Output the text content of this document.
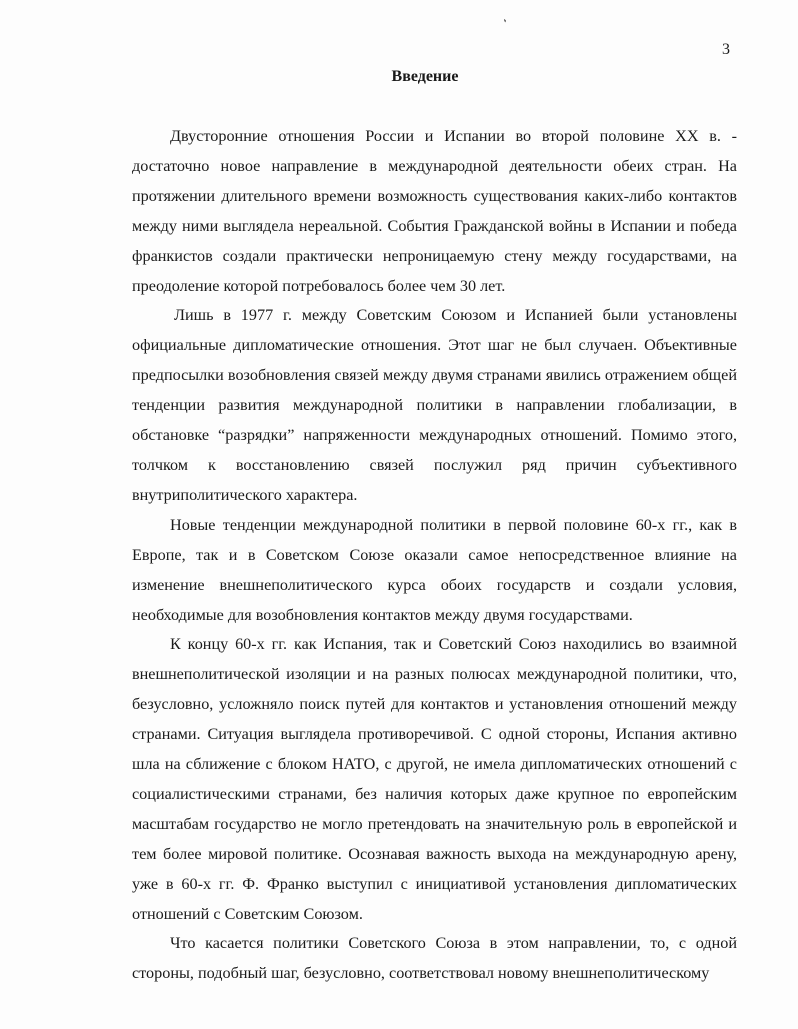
ˎ
3
Введение

Двусторонние отношения России и Испании во второй половине XX в. - достаточно новое направление в международной деятельности обеих стран. На протяжении длительного времени возможность существования каких-либо контактов между ними выглядела нереальной. События Гражданской войны в Испании и победа франкистов создали практически непроницаемую стену между государствами, на преодоление которой потребовалось более чем 30 лет.

Лишь в 1977 г. между Советским Союзом и Испанией были установлены официальные дипломатические отношения. Этот шаг не был случаен. Объективные предпосылки возобновления связей между двумя странами явились отражением общей тенденции развития международной политики в направлении глобализации, в обстановке “разрядки” напряженности международных отношений. Помимо этого, толчком к восстановлению связей послужил ряд причин субъективного внутриполитического характера.

Новые тенденции международной политики в первой половине 60-х гг., как в Европе, так и в Советском Союзе оказали самое непосредственное влияние на изменение внешнеполитического курса обоих государств и создали условия, необходимые для возобновления контактов между двумя государствами.

К концу 60-х гг. как Испания, так и Советский Союз находились во взаимной внешнеполитической изоляции и на разных полюсах международной политики, что, безусловно, усложняло поиск путей для контактов и установления отношений между странами. Ситуация выглядела противоречивой. С одной стороны, Испания активно шла на сближение с блоком НАТО, с другой, не имела дипломатических отношений с социалистическими странами, без наличия которых даже крупное по европейским масштабам государство не могло претендовать на значительную роль в европейской и тем более мировой политике. Осознавая важность выхода на международную арену, уже в 60-х гг. Ф. Франко выступил с инициативой установления дипломатических отношений с Советским Союзом.

Что касается политики Советского Союза в этом направлении, то, с одной стороны, подобный шаг, безусловно, соответствовал новому внешнеполитическому
